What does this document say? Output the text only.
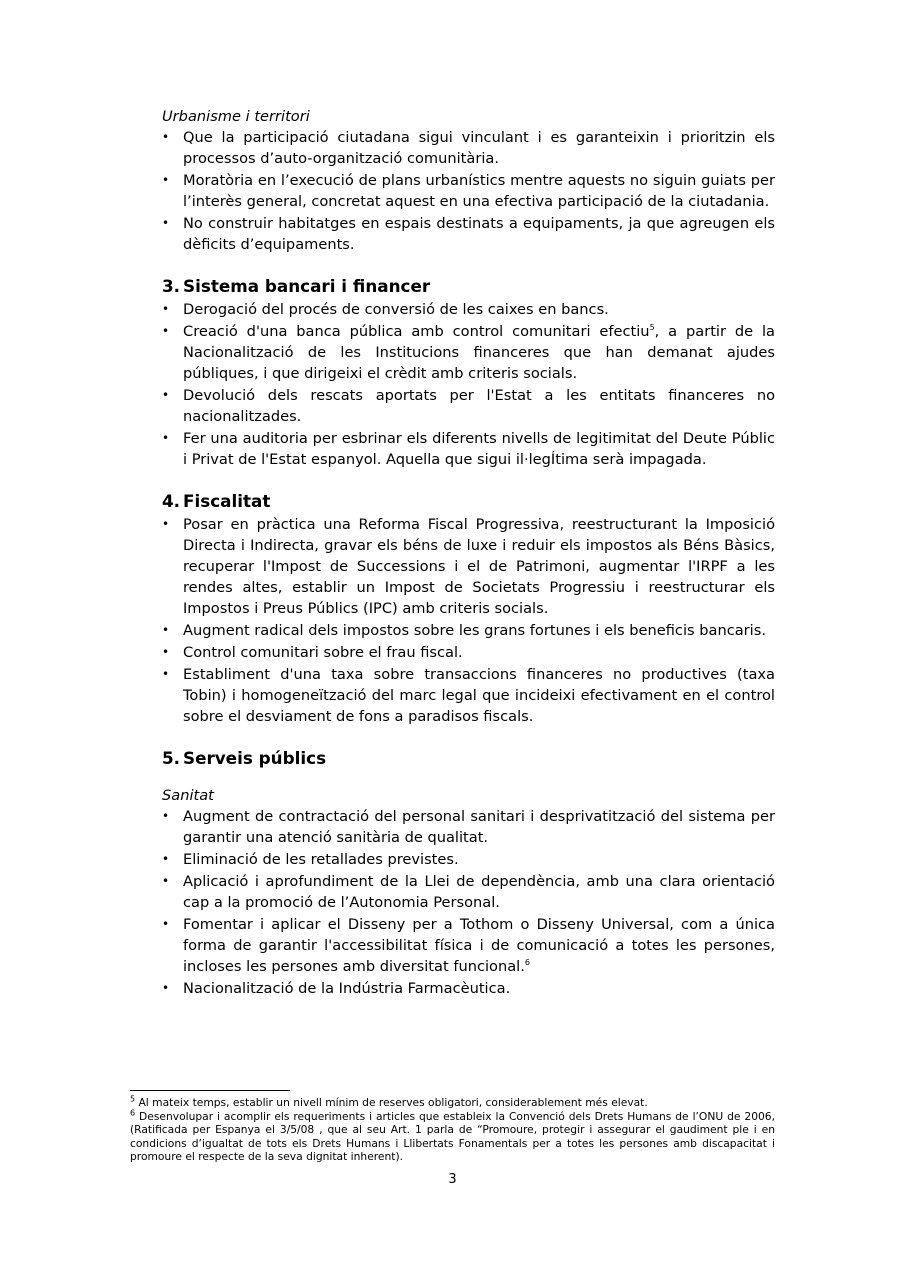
Urbanisme i territori

• Que la participació ciutadana sigui vinculant i es garanteixin i prioritzin els processos d’auto-organització comunitària.
• Moratòria en l’execució de plans urbanístics mentre aquests no siguin guiats per l’interès general, concretat aquest en una efectiva participació de la ciutadania.
• No construir habitatges en espais destinats a equipaments, ja que agreugen els dèficits d’equipaments.
3. Sistema bancari i financer
• Derogació del procés de conversió de les caixes en bancs.
• Creació d'una banca pública amb control comunitari efectiu$^5$, a partir de la Nacionalització de les Institucions financeres que han demanat ajudes públiques, i que dirigeixi el crèdit amb criteris socials.
• Devolució dels rescats aportats per l'Estat a les entitats financeres no nacionalitzades.
• Fer una auditoria per esbrinar els diferents nivells de legitimitat del Deute Públic i Privat de l'Estat espanyol. Aquella que sigui il·legÍtima serà impagada.
4. Fiscalitat
• Posar en pràctica una Reforma Fiscal Progressiva, reestructurant la Imposició Directa i Indirecta, gravar els béns de luxe i reduir els impostos als Béns Bàsics, recuperar l'Impost de Successions i el de Patrimoni, augmentar l'IRPF a les rendes altes, establir un Impost de Societats Progressiu i reestructurar els Impostos i Preus Públics (IPC) amb criteris socials.
• Augment radical dels impostos sobre les grans fortunes i els beneficis bancaris.
• Control comunitari sobre el frau fiscal.
• Establiment d'una taxa sobre transaccions financeres no productives (taxa Tobin) i homogeneïtzació del marc legal que incideixi efectivament en el control sobre el desviament de fons a paradisos fiscals.
5. Serveis públics

Sanitat

• Augment de contractació del personal sanitari i desprivatització del sistema per garantir una atenció sanitària de qualitat.
• Eliminació de les retallades previstes.
• Aplicació i aprofundiment de la Llei de dependència, amb una clara orientació cap a la promoció de l’Autonomia Personal.
• Fomentar i aplicar el Disseny per a Tothom o Disseny Universal, com a única forma de garantir l'accessibilitat física i de comunicació a totes les persones, incloses les persones amb diversitat funcional.$^6$
• Nacionalització de la Indústria Farmacèutica.

$^5$ Al mateix temps, establir un nivell mínim de reserves obligatori, considerablement més elevat.

$^6$ Desenvolupar i acomplir els requeriments i articles que estableix la Convenció dels Drets Humans de l’ONU de 2006, (Ratificada per Espanya el 3/5/08 , que al seu Art. 1 parla de “Promoure, protegir i assegurar el gaudiment ple i en condicions d’igualtat de tots els Drets Humans i Llibertats Fonamentals per a totes les persones amb discapacitat i promoure el respecte de la seva dignitat inherent).

3
